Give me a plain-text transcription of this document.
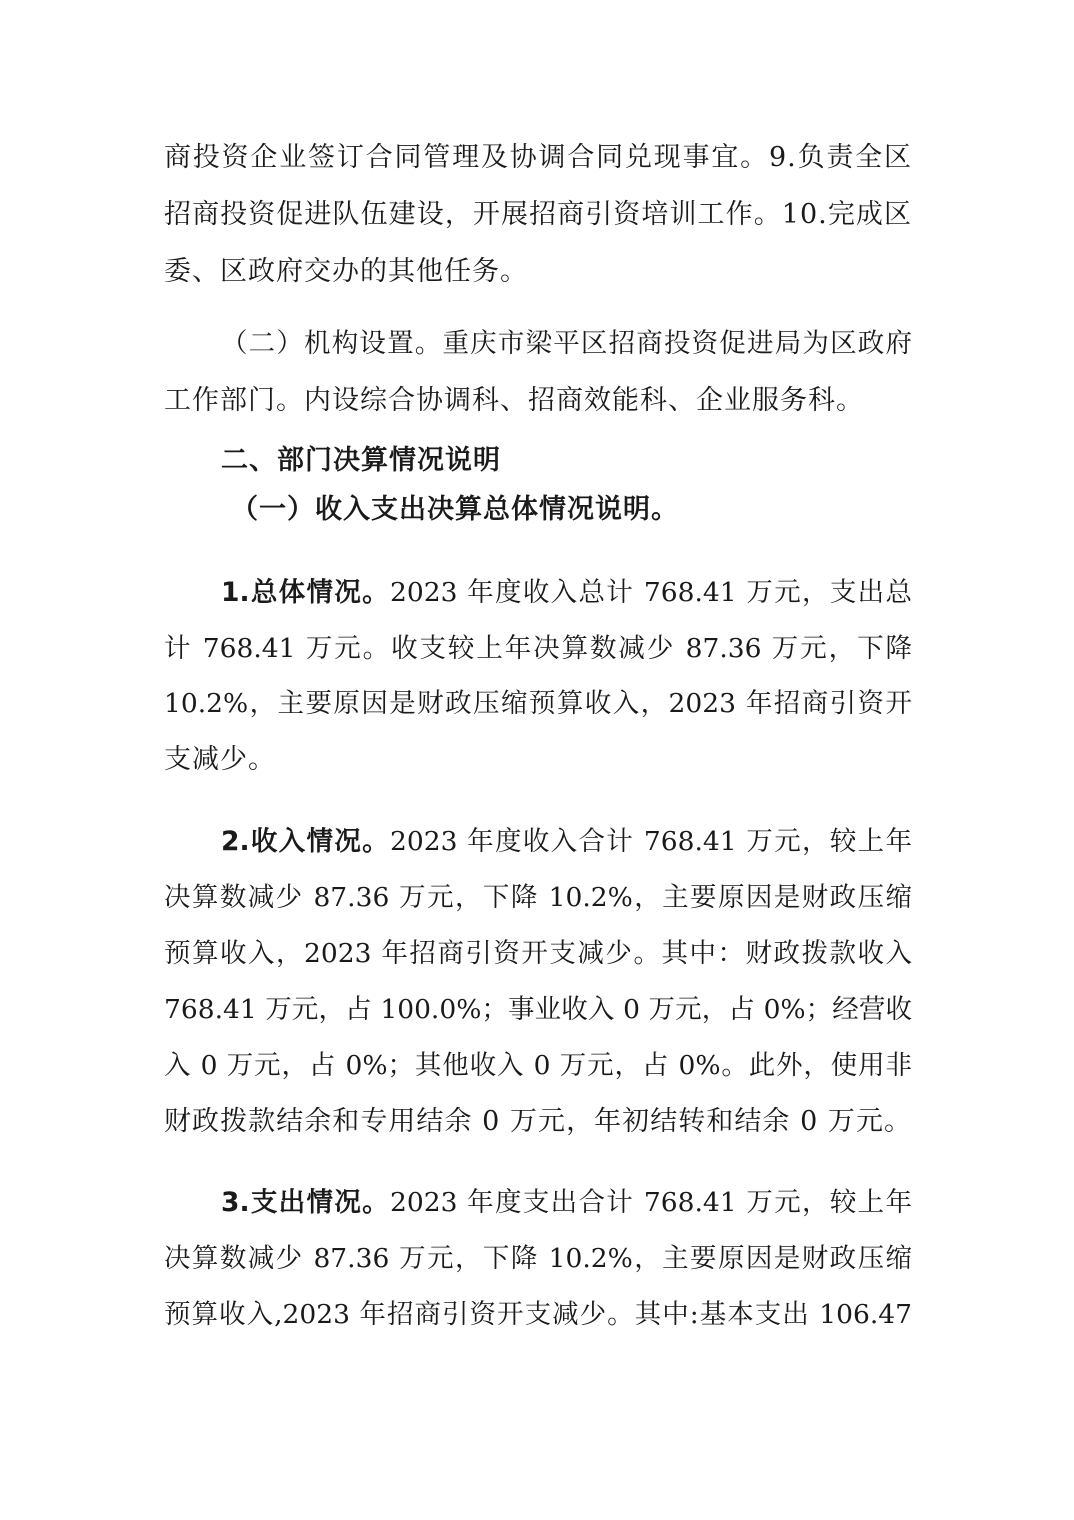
商投资企业签订合同管理及协调合同兑现事宜。9.负责全区
招商投资促进队伍建设，开展招商引资培训工作。10.完成区
委、区政府交办的其他任务。
（二）机构设置。重庆市梁平区招商投资促进局为区政府
工作部门。内设综合协调科、招商效能科、企业服务科。
二、部门决算情况说明
（一）收入支出决算总体情况说明。
1.总体情况。2023 年度收入总计 768.41 万元，支出总
计 768.41 万元。收支较上年决算数减少 87.36 万元，下降
10.2%，主要原因是财政压缩预算收入，2023 年招商引资开
支减少。
2.收入情况。2023 年度收入合计 768.41 万元，较上年
决算数减少 87.36 万元，下降 10.2%，主要原因是财政压缩
预算收入，2023 年招商引资开支减少。其中：财政拨款收入
768.41 万元，占 100.0%；事业收入 0 万元，占 0%；经营收
入 0 万元，占 0%；其他收入 0 万元，占 0%。此外，使用非
财政拨款结余和专用结余 0 万元，年初结转和结余 0 万元。
3.支出情况。2023 年度支出合计 768.41 万元，较上年
决算数减少 87.36 万元，下降 10.2%，主要原因是财政压缩
预算收入,2023 年招商引资开支减少。其中:基本支出 106.47
